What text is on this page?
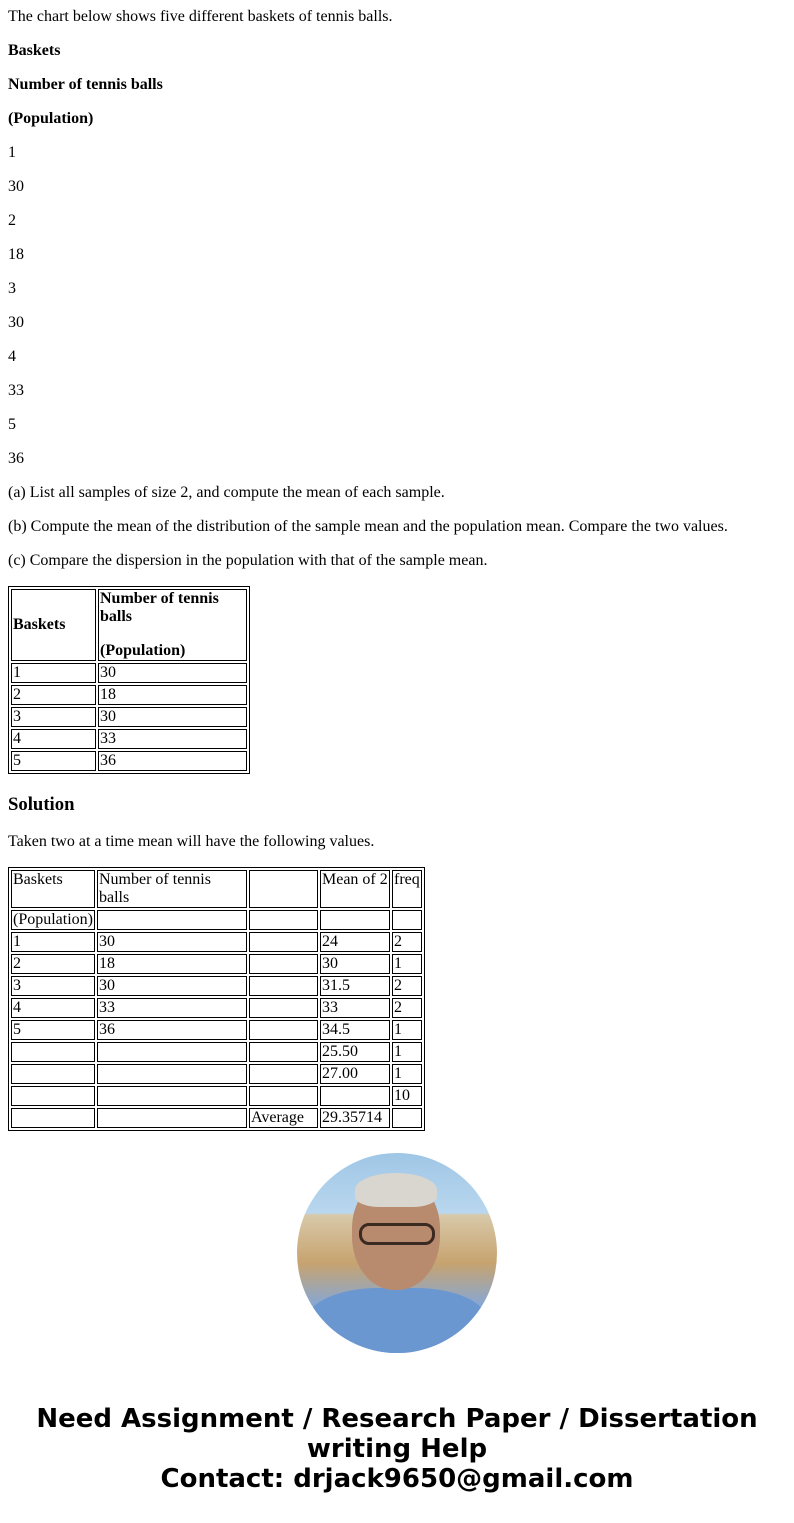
The chart below shows five different baskets of tennis balls.

Baskets

Number of tennis balls

(Population)

1

30

2

18

3

30

4

33

5

36

(a) List all samples of size 2, and compute the mean of each sample.

(b) Compute the mean of the distribution of the sample mean and the population mean. Compare the two values.

(c) Compare the dispersion in the population with that of the sample mean.

Baskets	Number of tennis balls
(Population)

1	30
2	18
3	30
4	33
5	36
Solution

Taken two at a time mean will have the following values.

Baskets	Number of tennis balls		Mean of 2	freq
(Population)				
1	30		24	2
2	18		30	1
3	30		31.5	2
4	33		33	2
5	36		34.5	1
			25.50	1
			27.00	1
				10
		Average	29.35714	
Need Assignment / Research Paper / Dissertation
writing Help
Contact: drjack9650@gmail.com
